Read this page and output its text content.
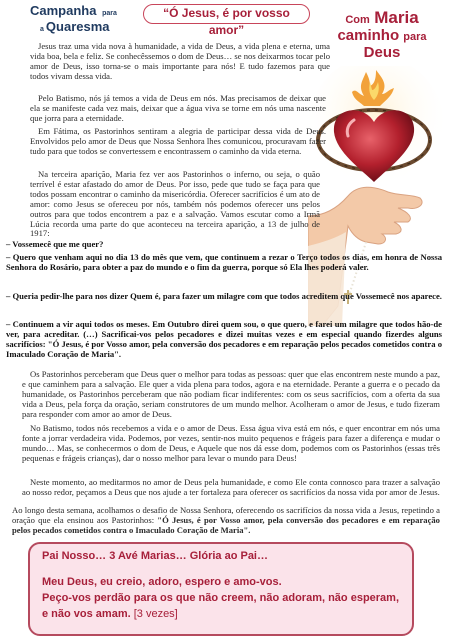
Campanha para
a Quaresma
“Ó Jesus, é por vosso amor”
Com Maria
caminho para
Deus

Jesus traz uma vida nova à humanidade, a vida de Deus, a vida plena e eterna, uma vida boa, bela e feliz. Se conhecêssemos o dom de Deus… se nos deixarmos tocar pelo amor de Deus, isso torna-se o mais importante para nós! E tudo fazemos para que todos vivam dessa vida.

Pelo Batismo, nós já temos a vida de Deus em nós. Mas precisamos de deixar que ela se manifeste cada vez mais, deixar que a água viva se torne em nós uma nascente que jorra para a eternidade.

Em Fátima, os Pastorinhos sentiram a alegria de participar dessa vida de Deus. Envolvidos pelo amor de Deus que Nossa Senhora lhes comunicou, procuravam fazer tudo para que todos se convertessem e encontrassem o caminho da vida eterna.

Na terceira aparição, Maria fez ver aos Pastorinhos o inferno, ou seja, o quão terrível é estar afastado do amor de Deus. Por isso, pede que tudo se faça para que todos possam encontrar o caminho da misericórdia. Oferecer sacrifícios é um ato de amor: como Jesus se ofereceu por nós, também nós podemos oferecer uns pelos outros para que todos encontrem a paz e a salvação. Vamos escutar como a Irmã Lúcia recorda uma parte do que aconteceu na terceira aparição, a 13 de julho de 1917:

– Vossemecê que me quer?

– Quero que venham aqui no dia 13 do mês que vem, que continuem a rezar o Terço todos os dias, em honra de Nossa Senhora do Rosário, para obter a paz do mundo e o fim da guerra, porque só Ela lhes poderá valer.

– Queria pedir-lhe para nos dizer Quem é, para fazer um milagre com que todos acreditem que Vossemecê nos aparece.

– Continuem a vir aqui todos os meses. Em Outubro direi quem sou, o que quero, e farei um milagre que todos hão-de ver, para acreditar. (…) Sacrificai-vos pelos pecadores e dizei muitas vezes e em especial quando fizerdes alguns sacrifícios: "Ó Jesus, é por Vosso amor, pela conversão dos pecadores e em reparação pelos pecados cometidos contra o Imaculado Coração de Maria".

Os Pastorinhos perceberam que Deus quer o melhor para todas as pessoas: quer que elas encontrem neste mundo a paz, e que caminhem para a salvação. Ele quer a vida plena para todos, agora e na eternidade. Perante a guerra e o pecado da humanidade, os Pastorinhos perceberam que não podiam ficar indiferentes: com os seus sacrifícios, com a oferta da sua vida a Deus, pela força da oração, seriam construtores de um mundo melhor. Acolheram o amor de Jesus, e tudo fizeram para responder com amor ao amor de Deus.

No Batismo, todos nós recebemos a vida e o amor de Deus. Essa água viva está em nós, e quer encontrar em nós uma fonte a jorrar verdadeira vida. Podemos, por vezes, sentir-nos muito pequenos e frágeis para fazer a diferença e mudar o mundo… Mas, se conhecermos o dom de Deus, e Aquele que nos dá esse dom, podemos com os Pastorinhos (essas três pequenas e frágeis crianças), dar o nosso melhor para levar o mundo para Deus!

Neste momento, ao meditarmos no amor de Deus pela humanidade, e como Ele conta connosco para trazer a salvação ao nosso redor, peçamos a Deus que nos ajude a ter fortaleza para oferecer os sacrifícios da nossa vida por amor de Jesus.

Ao longo desta semana, acolhamos o desafio de Nossa Senhora, oferecendo os sacrifícios da nossa vida a Jesus, repetindo a oração que ela ensinou aos Pastorinhos: "Ó Jesus, é por Vosso amor, pela conversão dos pecadores e em reparação pelos pecados cometidos contra o Imaculado Coração de Maria".

Pai Nosso… 3 Avé Marias… Glória ao Pai…
Meu Deus, eu creio, adoro, espero e amo-vos.
Peço-vos perdão para os que não creem, não adoram, não esperam, e não vos amam. [3 vezes]
